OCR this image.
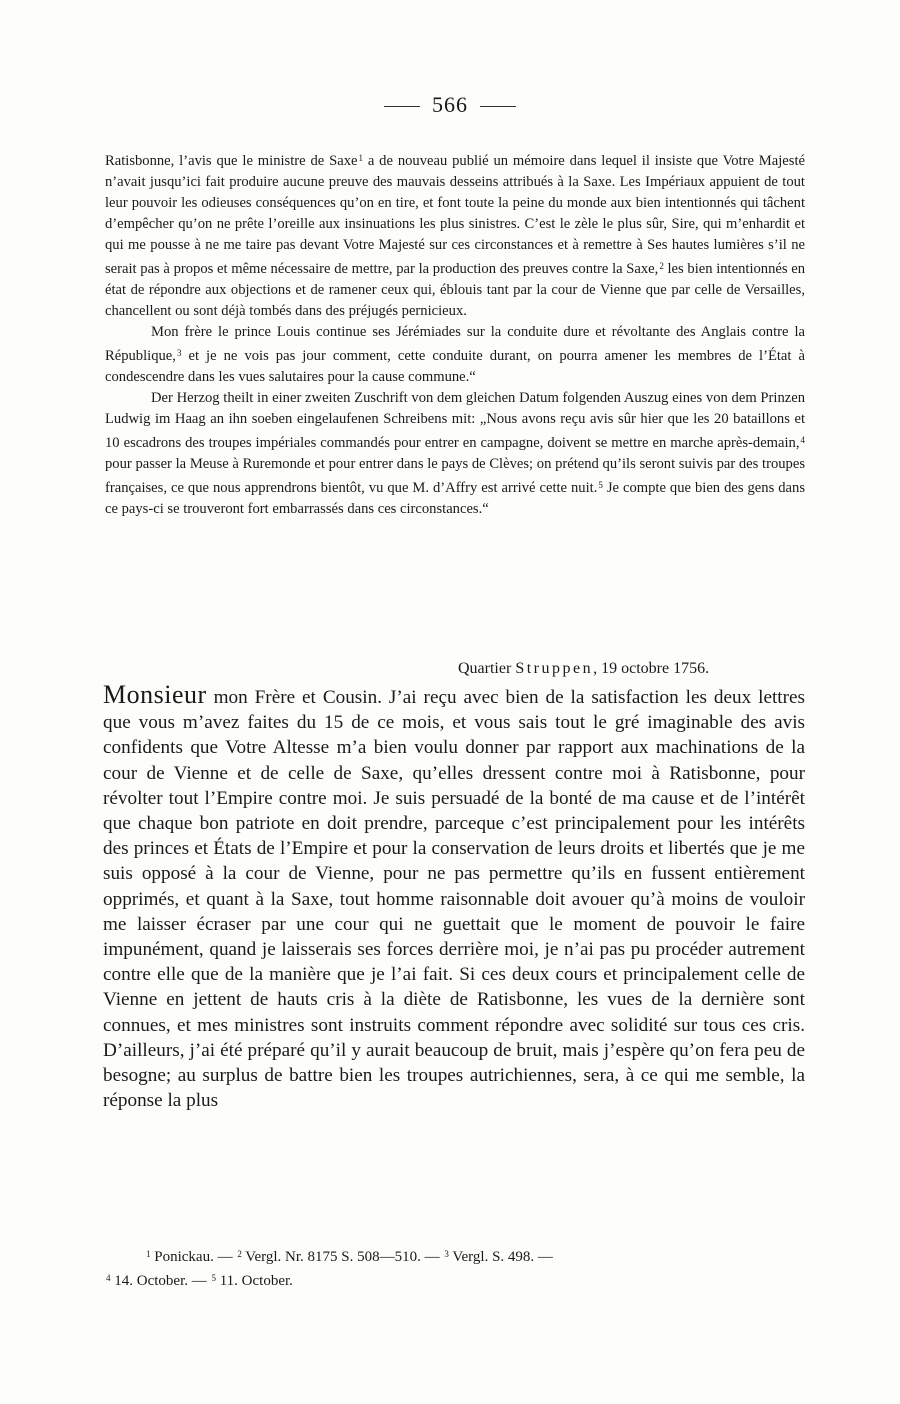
566

Ratisbonne, l’avis que le ministre de Saxe$^1$ a de nouveau publié un mémoire dans lequel il insiste que Votre Majesté n’avait jusqu’ici fait produire aucune preuve des mauvais desseins attribués à la Saxe. Les Impériaux appuient de tout leur pouvoir les odieuses conséquences qu’on en tire, et font toute la peine du monde aux bien intentionnés qui tâchent d’empêcher qu’on ne prête l’oreille aux insinuations les plus sinistres. C’est le zèle le plus sûr, Sire, qui m’enhardit et qui me pousse à ne me taire pas devant Votre Majesté sur ces circonstances et à remettre à Ses hautes lumières s’il ne serait pas à propos et même nécessaire de mettre, par la production des preuves contre la Saxe,$^2$ les bien intentionnés en état de répondre aux objections et de ramener ceux qui, éblouis tant par la cour de Vienne que par celle de Versailles, chancellent ou sont déjà tombés dans des préjugés pernicieux.

Mon frère le prince Louis continue ses Jérémiades sur la conduite dure et révoltante des Anglais contre la République,$^3$ et je ne vois pas jour comment, cette conduite durant, on pourra amener les membres de l’État à condescendre dans les vues salutaires pour la cause commune.“

Der Herzog theilt in einer zweiten Zuschrift von dem gleichen Datum folgenden Auszug eines von dem Prinzen Ludwig im Haag an ihn soeben eingelaufenen Schreibens mit: „Nous avons reçu avis sûr hier que les 20 bataillons et 10 escadrons des troupes impériales commandés pour entrer en campagne, doivent se mettre en marche après-demain,$^4$ pour passer la Meuse à Ruremonde et pour entrer dans le pays de Clèves; on prétend qu’ils seront suivis par des troupes françaises, ce que nous apprendrons bientôt, vu que M. d’Affry est arrivé cette nuit.$^5$ Je compte que bien des gens dans ce pays-ci se trouveront fort embarrassés dans ces circonstances.“

Quartier Struppen, 19 octobre 1756.

Monsieur mon Frère et Cousin. J’ai reçu avec bien de la satisfaction les deux lettres que vous m’avez faites du 15 de ce mois, et vous sais tout le gré imaginable des avis confidents que Votre Altesse m’a bien voulu donner par rapport aux machinations de la cour de Vienne et de celle de Saxe, qu’elles dressent contre moi à Ratisbonne, pour révolter tout l’Empire contre moi. Je suis persuadé de la bonté de ma cause et de l’intérêt que chaque bon patriote en doit prendre, parceque c’est principalement pour les intérêts des princes et États de l’Empire et pour la conservation de leurs droits et libertés que je me suis opposé à la cour de Vienne, pour ne pas permettre qu’ils en fussent entièrement opprimés, et quant à la Saxe, tout homme raisonnable doit avouer qu’à moins de vouloir me laisser écraser par une cour qui ne guettait que le moment de pouvoir le faire impunément, quand je laisserais ses forces derrière moi, je n’ai pas pu procéder autrement contre elle que de la manière que je l’ai fait. Si ces deux cours et principalement celle de Vienne en jettent de hauts cris à la diète de Ratisbonne, les vues de la dernière sont connues, et mes ministres sont instruits comment répondre avec solidité sur tous ces cris. D’ailleurs, j’ai été préparé qu’il y aurait beaucoup de bruit, mais j’espère qu’on fera peu de besogne; au surplus de battre bien les troupes autrichiennes, sera, à ce qui me semble, la réponse la plus

$^1$ Ponickau. — $^2$ Vergl. Nr. 8175 S. 508—510. — $^3$ Vergl. S. 498. —

$^4$ 14. October. — $^5$ 11. October.
